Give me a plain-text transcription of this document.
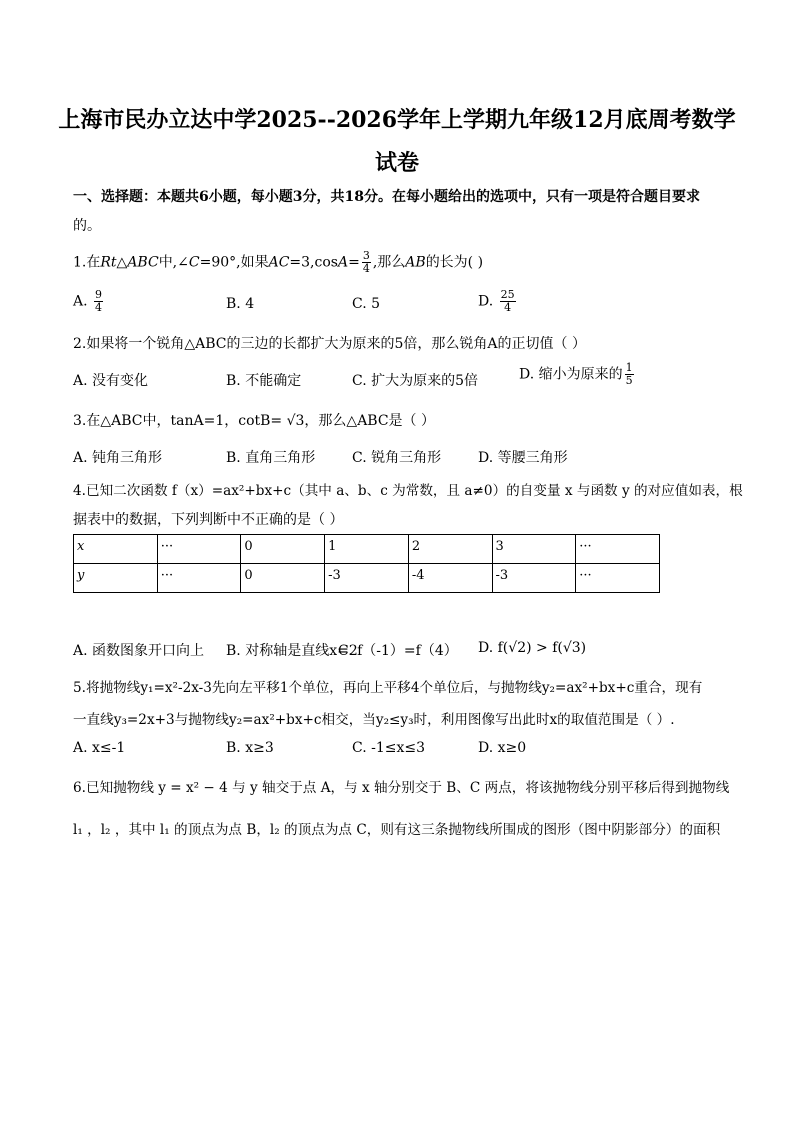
上海市民办立达中学2025--2026学年上学期九年级12月底周考数学
试卷
一、选择题：本题共6小题，每小题3分，共18分。在每小题给出的选项中，只有一项是符合题目要求
的。
1.在Rt△ABC中,∠C=90°,如果$AC=3,\cos A= \frac{3}{4}$ ,那么AB的长为( )
A. $\frac{9}{4}$	B. 4	C. 5	D. $\frac{25}{4}$
2.如果将一个锐角△ABC的三边的长都扩大为原来的5倍，那么锐角A的正切值（ ）
A. 没有变化	B. 不能确定	C. 扩大为原来的5倍	D. 缩小为原来的 $\frac{1}{5}$
3.在△ABC中，tanA=1，cotB= √3，那么△ABC是（ ）
A. 钝角三角形	B. 直角三角形	C. 锐角三角形	D. 等腰三角形
4.已知二次函数 f（x）=ax²+bx+c（其中 a、b、c 为常数，且 a≠0）的自变量 x 与函数 y 的对应值如表，根
据表中的数据，下列判断中不正确的是（ ）
x	···	0	1	2	3	···
y	···	0	-3	-4	-3	···
A. 函数图象开口向上 B. 对称轴是直线x=2
C. f（-1）=f（4） D. f(√2) > f(√3)
5.将抛物线y₁=x²-2x-3先向左平移1个单位，再向上平移4个单位后，与抛物线y₂=ax²+bx+c重合，现有
一直线y₃=2x+3与抛物线y₂=ax²+bx+c相交，当y₂≤y₃时，利用图像写出此时x的取值范围是（ ）.
A. x≤-1	B. x≥3	C. -1≤x≤3	D. x≥0
6.已知抛物线 y = x² − 4 与 y 轴交于点 A，与 x 轴分别交于 B、C 两点，将该抛物线分别平移后得到抛物线
l₁ ，l₂ ，其中 l₁ 的顶点为点 B，l₂ 的顶点为点 C，则有这三条抛物线所围成的图形（图中阴影部分）的面积
